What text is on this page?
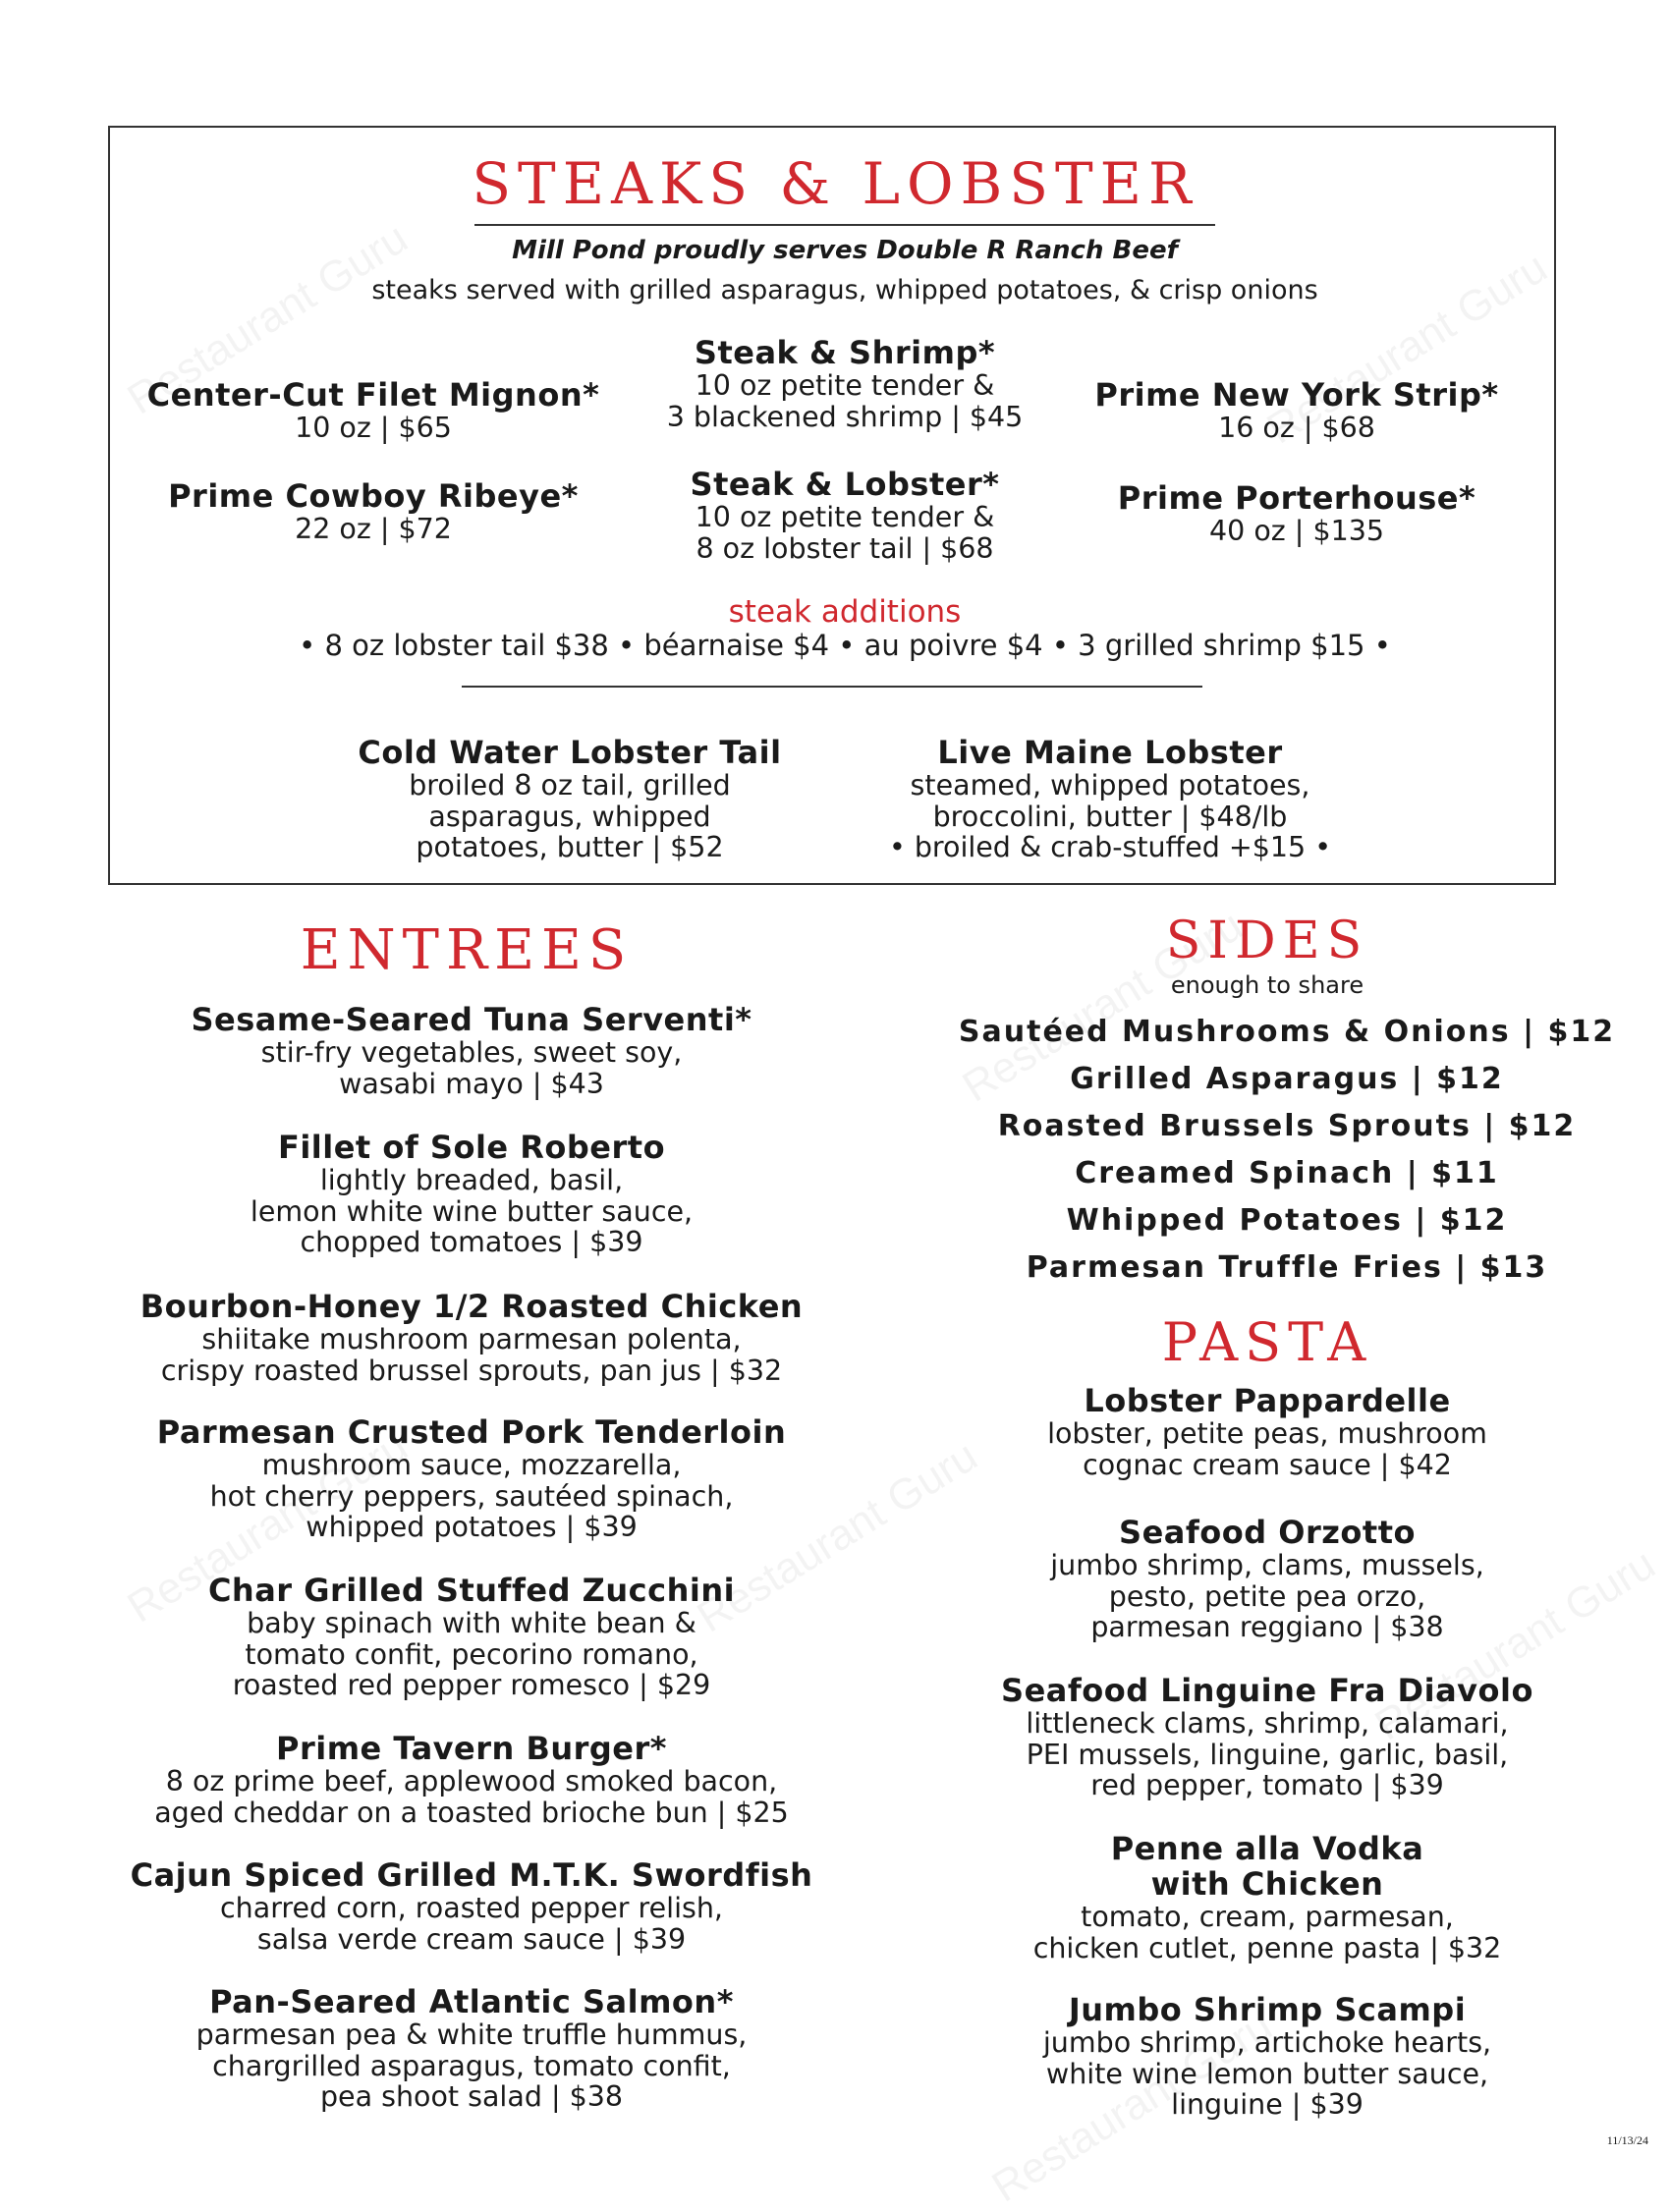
STEAKS & LOBSTER
Mill Pond proudly serves Double R Ranch Beef
steaks served with grilled asparagus, whipped potatoes, & crisp onions
Center-Cut Filet Mignon*
10 oz | $65
Steak & Shrimp*
10 oz petite tender &
3 blackened shrimp | $45
Prime New York Strip*
16 oz | $68
Prime Cowboy Ribeye*
22 oz | $72
Steak & Lobster*
10 oz petite tender &
8 oz lobster tail | $68
Prime Porterhouse*
40 oz | $135
steak additions
• 8 oz lobster tail $38 • béarnaise $4 • au poivre $4 • 3 grilled shrimp $15 •
Cold Water Lobster Tail
broiled 8 oz tail, grilled
asparagus, whipped
potatoes, butter | $52
Live Maine Lobster
steamed, whipped potatoes,
broccolini, butter | $48/lb
• broiled & crab-stuffed +$15 •
ENTREES
Sesame-Seared Tuna Serventi*
stir-fry vegetables, sweet soy,
wasabi mayo | $43
Fillet of Sole Roberto
lightly breaded, basil,
lemon white wine butter sauce,
chopped tomatoes | $39
Bourbon-Honey 1/2 Roasted Chicken
shiitake mushroom parmesan polenta,
crispy roasted brussel sprouts, pan jus | $32
Parmesan Crusted Pork Tenderloin
mushroom sauce, mozzarella,
hot cherry peppers, sautéed spinach,
whipped potatoes | $39
Char Grilled Stuffed Zucchini
baby spinach with white bean &
tomato confit, pecorino romano,
roasted red pepper romesco | $29
Prime Tavern Burger*
8 oz prime beef, applewood smoked bacon,
aged cheddar on a toasted brioche bun | $25
Cajun Spiced Grilled M.T.K. Swordfish
charred corn, roasted pepper relish,
salsa verde cream sauce | $39
Pan-Seared Atlantic Salmon*
parmesan pea & white truffle hummus,
chargrilled asparagus, tomato confit,
pea shoot salad | $38
SIDES
enough to share
Sautéed Mushrooms & Onions | $12
Grilled Asparagus | $12
Roasted Brussels Sprouts | $12
Creamed Spinach | $11
Whipped Potatoes | $12
Parmesan Truffle Fries | $13
PASTA
Lobster Pappardelle
lobster, petite peas, mushroom
cognac cream sauce | $42
Seafood Orzotto
jumbo shrimp, clams, mussels,
pesto, petite pea orzo,
parmesan reggiano | $38
Seafood Linguine Fra Diavolo
littleneck clams, shrimp, calamari,
PEI mussels, linguine, garlic, basil,
red pepper, tomato | $39
Penne alla Vodka
with Chicken
tomato, cream, parmesan,
chicken cutlet, penne pasta | $32
Jumbo Shrimp Scampi
jumbo shrimp, artichoke hearts,
white wine lemon butter sauce,
linguine | $39
11/13/24
